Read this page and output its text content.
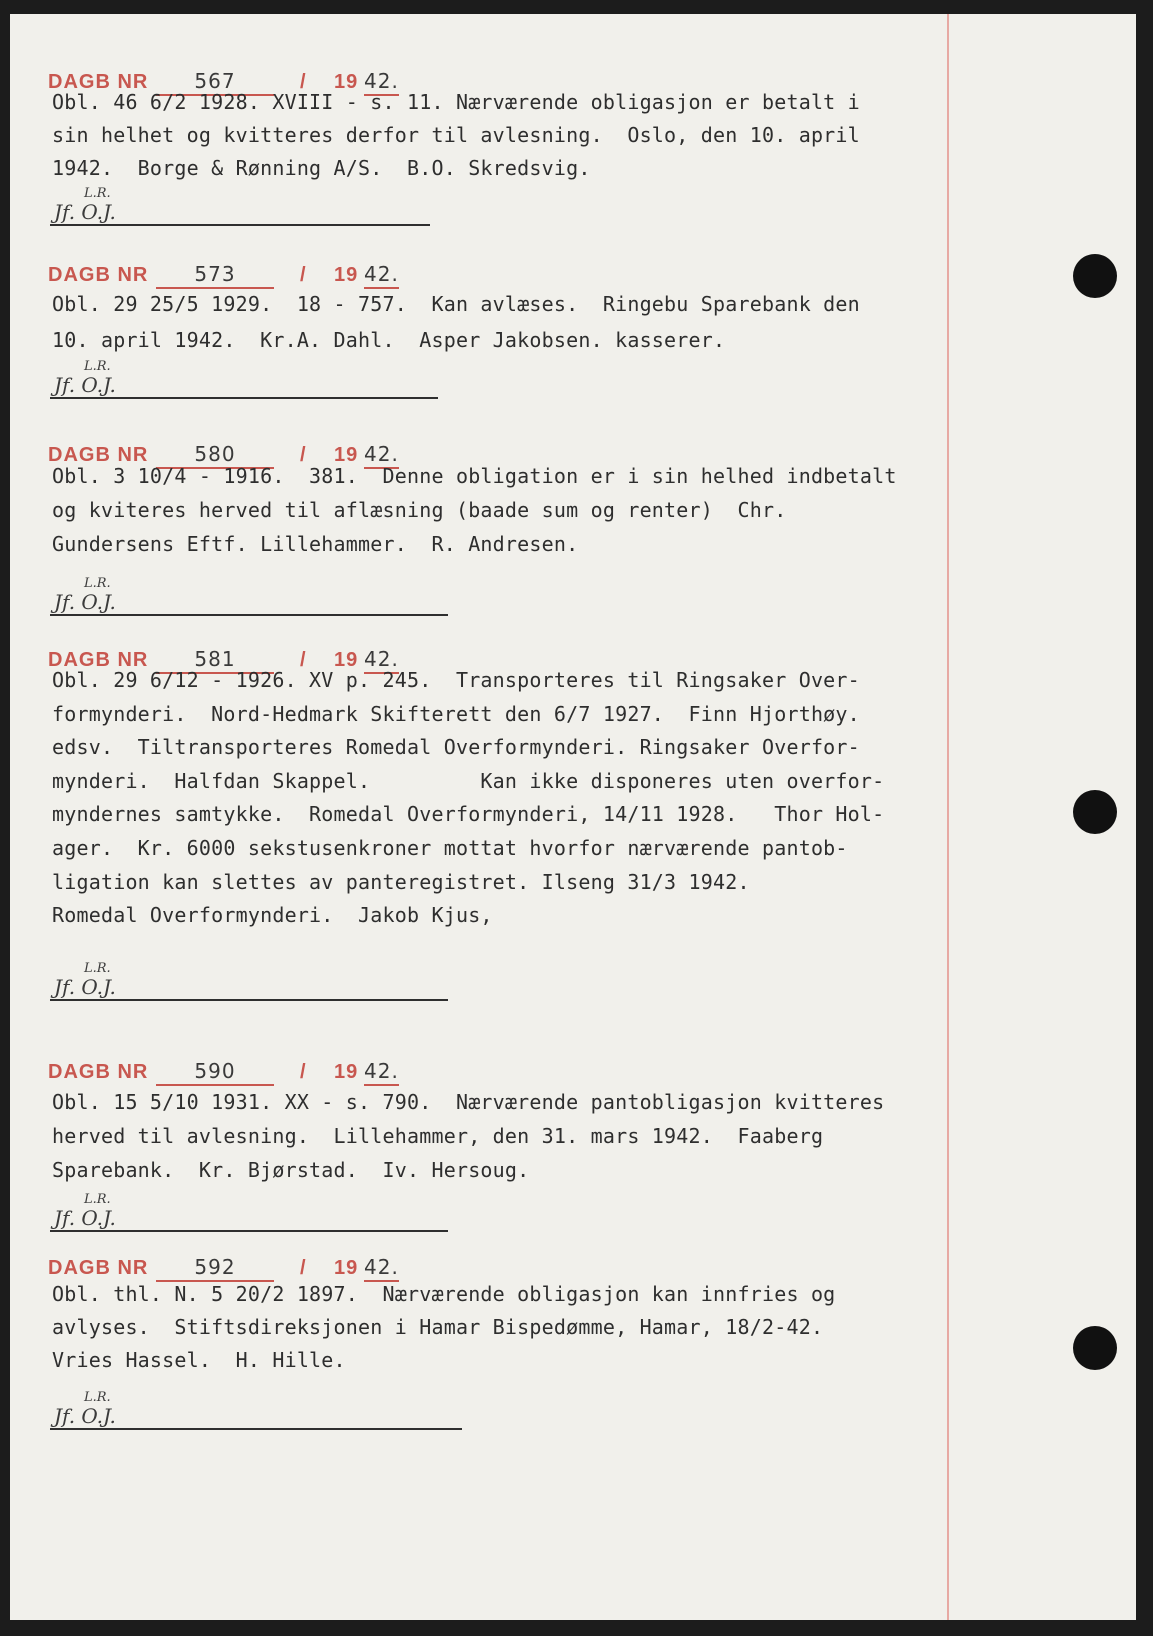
DAGB NR	567	/ 19 42.
Obl. 46 6/2 1928. XVIII - s. 11. Nærværende obligasjon er betalt i
sin helhet og kvitteres derfor til avlesning.  Oslo, den 10. april
1942.  Borge & Rønning A/S.  B.O. Skredsvig.
L.R.
Jf. O.J.
DAGB NR	573	/ 19 42.
Obl. 29 25/5 1929.  18 - 757.  Kan avlæses.  Ringebu Sparebank den
10. april 1942.  Kr.A. Dahl.  Asper Jakobsen. kasserer.
L.R.
Jf. O.J.
DAGB NR	580	/ 19 42.
Obl. 3 10/4 - 1916.  381.  Denne obligation er i sin helhed indbetalt
og kviteres herved til aflæsning (baade sum og renter)  Chr.
Gundersens Eftf. Lillehammer.  R. Andresen.
L.R.
Jf. O.J.
DAGB NR	581	/ 19 42.
Obl. 29 6/12 - 1926. XV p. 245.  Transporteres til Ringsaker Over-
formynderi.  Nord-Hedmark Skifterett den 6/7 1927.  Finn Hjorthøy.
edsv.  Tiltransporteres Romedal Overformynderi. Ringsaker Overfor-
mynderi.  Halfdan Skappel.         Kan ikke disponeres uten overfor-
myndernes samtykke.  Romedal Overformynderi, 14/11 1928.   Thor Hol-
ager.  Kr. 6000 sekstusenkroner mottat hvorfor nærværende pantob-
ligation kan slettes av panteregistret. Ilseng 31/3 1942.
Romedal Overformynderi.  Jakob Kjus,
L.R.
Jf. O.J.
DAGB NR	590	/ 19 42.
Obl. 15 5/10 1931. XX - s. 790.  Nærværende pantobligasjon kvitteres
herved til avlesning.  Lillehammer, den 31. mars 1942.  Faaberg
Sparebank.  Kr. Bjørstad.  Iv. Hersoug.
L.R.
Jf. O.J.
DAGB NR	592	/ 19 42.
Obl. thl. N. 5 20/2 1897.  Nærværende obligasjon kan innfries og
avlyses.  Stiftsdireksjonen i Hamar Bispedømme, Hamar, 18/2-42.
Vries Hassel.  H. Hille.
L.R.
Jf. O.J.
